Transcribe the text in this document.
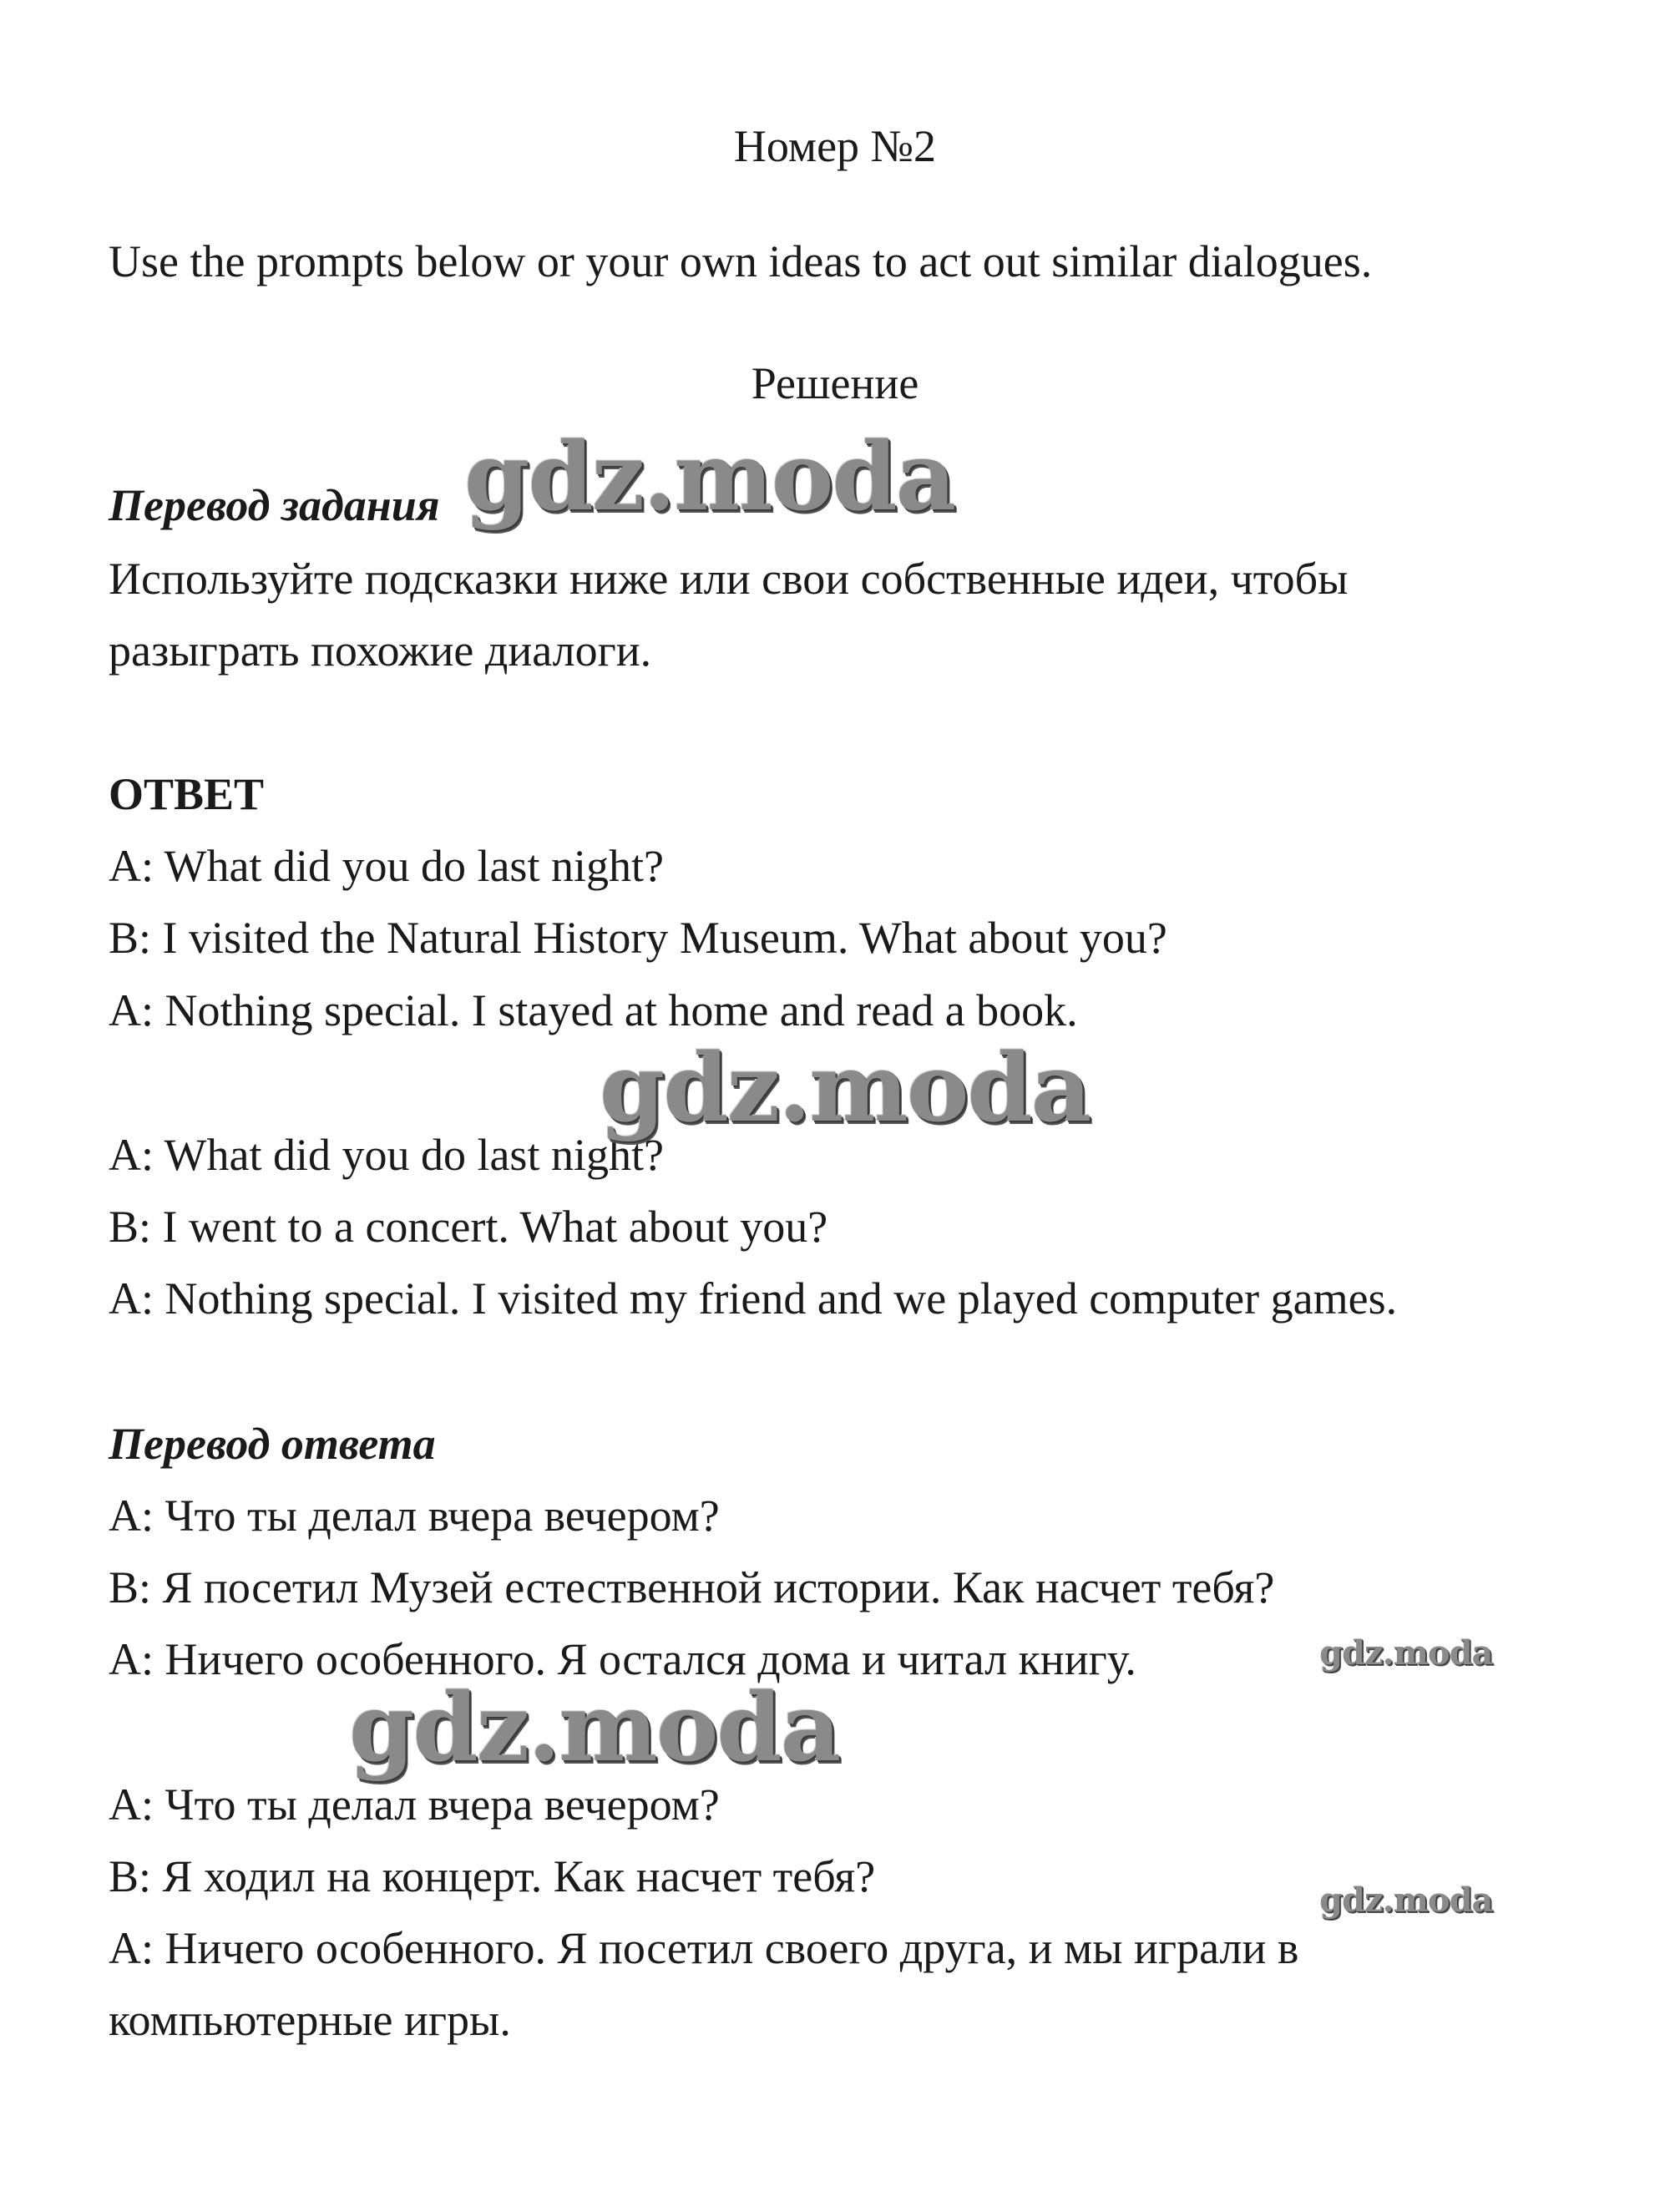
Номер №2
Use the prompts below or your own ideas to act out similar dialogues.
Решение
Перевод задания
Используйте подсказки ниже или свои собственные идеи, чтобы
разыграть похожие диалоги.
ОТВЕТ
A: What did you do last night?
B: I visited the Natural History Museum. What about you?
A: Nothing special. I stayed at home and read a book.
A: What did you do last night?
B: I went to a concert. What about you?
A: Nothing special. I visited my friend and we played computer games.
Перевод ответа
A: Что ты делал вчера вечером?
B: Я посетил Музей естественной истории. Как насчет тебя?
A: Ничего особенного. Я остался дома и читал книгу.
A: Что ты делал вчера вечером?
B: Я ходил на концерт. Как насчет тебя?
A: Ничего особенного. Я посетил своего друга, и мы играли в
компьютерные игры.
gdz.moda
gdz.moda
gdz.moda
gdz.moda
gdz.moda
